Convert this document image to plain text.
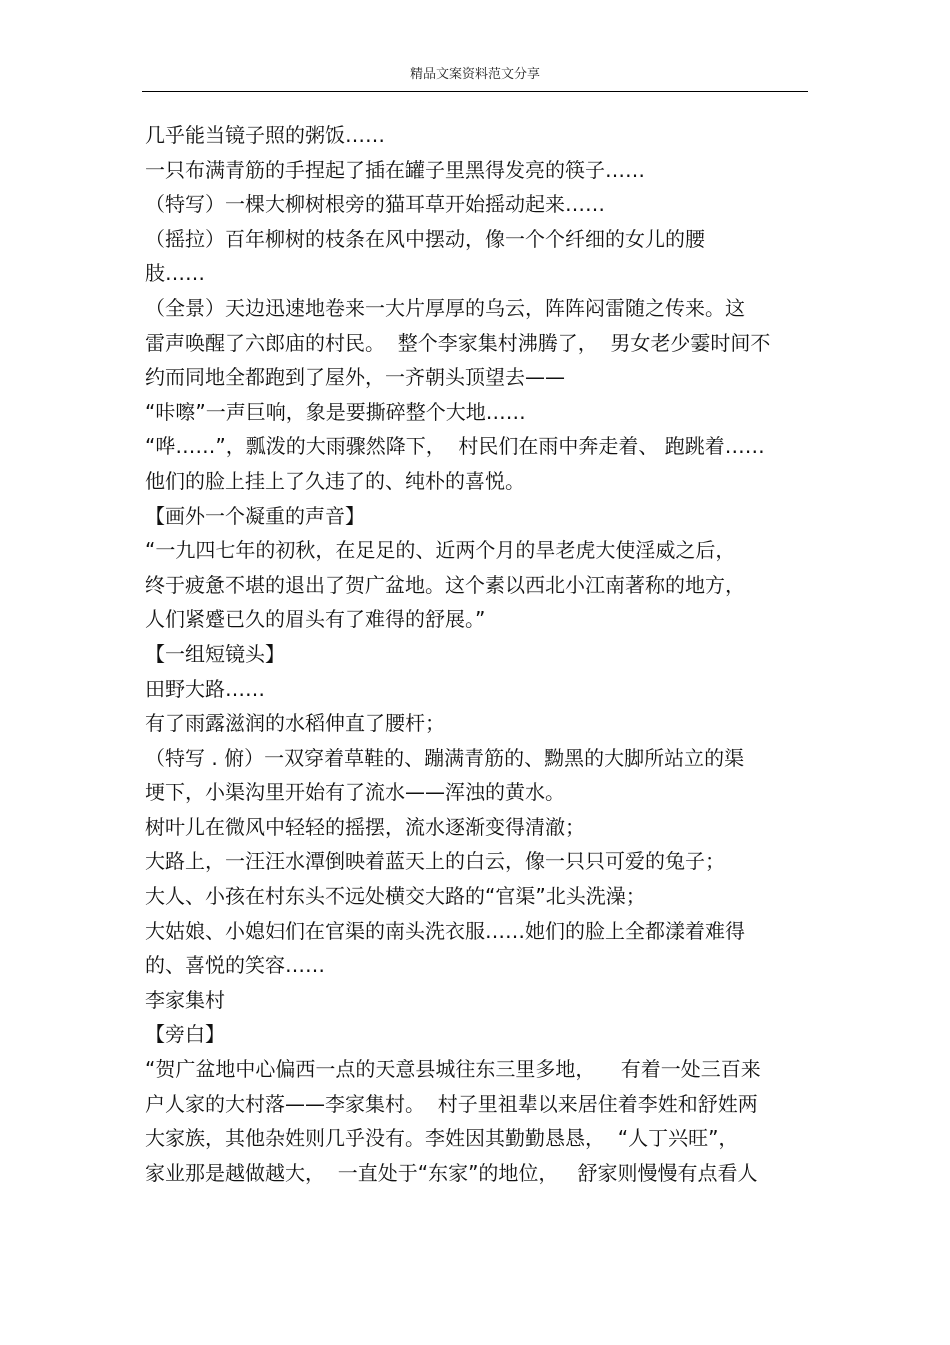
精品文案资料范文分享
几乎能当镜子照的粥饭……
一只布满青筋的手捏起了插在罐子里黑得发亮的筷子……
（特写）一棵大柳树根旁的猫耳草开始摇动起来……
（摇拉）百年柳树的枝条在风中摆动，像一个个纤细的女儿的腰
肢……
（全景）天边迅速地卷来一大片厚厚的乌云，阵阵闷雷随之传来。这
雷声唤醒了六郎庙的村民。  整个李家集村沸腾了，  男女老少霎时间不
约而同地全都跑到了屋外，一齐朝头顶望去——
“咔嚓”一声巨响，象是要撕碎整个大地……
“哗……”，瓢泼的大雨骤然降下，  村民们在雨中奔走着、 跑跳着……
他们的脸上挂上了久违了的、纯朴的喜悦。
【画外一个凝重的声音】
“一九四七年的初秋，在足足的、近两个月的旱老虎大使淫威之后，
终于疲惫不堪的退出了贺广盆地。这个素以西北小江南著称的地方，
人们紧蹙已久的眉头有了难得的舒展。”
【一组短镜头】
田野大路……
有了雨露滋润的水稻伸直了腰杆；
（特写 . 俯）一双穿着草鞋的、蹦满青筋的、黝黑的大脚所站立的渠
埂下，小渠沟里开始有了流水——浑浊的黄水。
树叶儿在微风中轻轻的摇摆，流水逐渐变得清澈；
大路上，一汪汪水潭倒映着蓝天上的白云，像一只只可爱的兔子；
大人、小孩在村东头不远处横交大路的“官渠”北头洗澡；
大姑娘、小媳妇们在官渠的南头洗衣服……她们的脸上全都漾着难得
的、喜悦的笑容……
李家集村
【旁白】
“贺广盆地中心偏西一点的天意县城往东三里多地，    有着一处三百来
户人家的大村落——李家集村。  村子里祖辈以来居住着李姓和舒姓两
大家族，其他杂姓则几乎没有。李姓因其勤勤恳恳，  “人丁兴旺”，
家业那是越做越大，  一直处于“东家”的地位，   舒家则慢慢有点看人
